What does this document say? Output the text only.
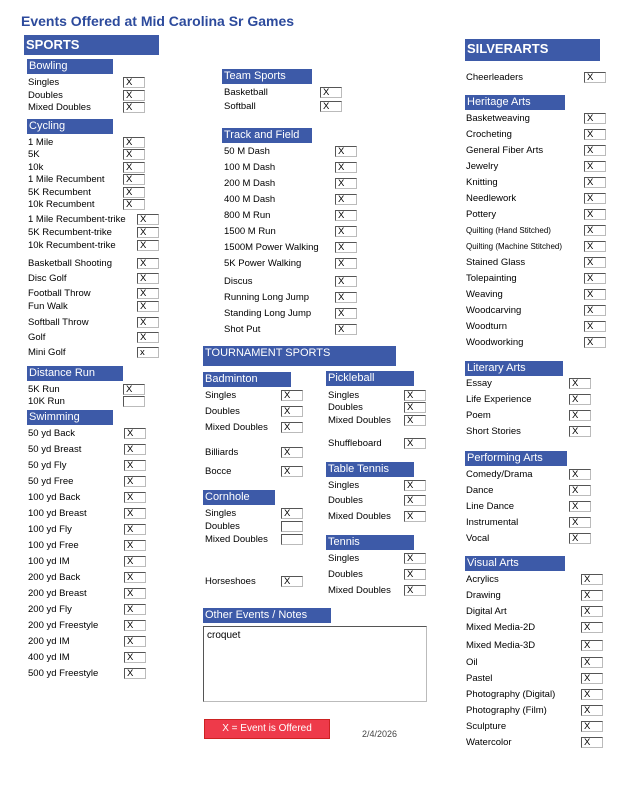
Events Offered at Mid Carolina Sr Games
SPORTS
Bowling
Singles	X
Doubles	X
Mixed Doubles	X
Cycling
1 Mile	X
5K	X
10k	X
1 Mile Recumbent	X
5K Recumbent	X
10k Recumbent	X
1 Mile Recumbent-trike	X
5K Recumbent-trike	X
10k Recumbent-trike	X
Basketball Shooting	X
Disc Golf	X
Football Throw	X
Fun Walk	X
Softball Throw	X
Golf	X
Mini Golf	x
Distance Run
5K Run	X
10K Run
Swimming
50 yd Back	X
50 yd Breast	X
50 yd Fly	X
50 yd Free	X
100 yd Back	X
100 yd Breast	X
100 yd Fly	X
100 yd Free	X
100 yd IM	X
200 yd Back	X
200 yd Breast	X
200 yd Fly	X
200 yd Freestyle	X
200 yd IM	X
400 yd IM	X
500 yd Freestyle	X
Team Sports
Basketball	X
Softball	X
Track and Field
50 M Dash	X
100 M Dash	X
200 M Dash	X
400 M Dash	X
800 M Run	X
1500 M Run	X
1500M Power Walking	X
5K Power Walking	X
Discus	X
Running Long Jump	X
Standing Long Jump	X
Shot Put	X
TOURNAMENT SPORTS
Badminton
Singles	X
Doubles	X
Mixed Doubles	X
Billiards	X
Bocce	X
Cornhole
Singles	X
Doubles
Mixed Doubles
Horseshoes	X
Pickleball
Singles	X
Doubles	X
Mixed Doubles	X
Shuffleboard	X
Table Tennis
Singles	X
Doubles	X
Mixed Doubles	X
Tennis
Singles	X
Doubles	X
Mixed Doubles	X
Other Events / Notes
SILVERARTS
Cheerleaders	X
Heritage Arts
Basketweaving	X
Crocheting	X
General Fiber Arts	X
Jewelry	X
Knitting	X
Needlework	X
Pottery	X
Quilting (Hand Stitched)	X
Quilting (Machine Stitched)	X
Stained Glass	X
Tolepainting	X
Weaving	X
Woodcarving	X
Woodturn	X
Woodworking	X
Literary Arts
Essay	X
Life Experience	X
Poem	X
Short Stories	X
Performing Arts
Comedy/Drama	X
Dance	X
Line Dance	X
Instrumental	X
Vocal	X
Visual Arts
Acrylics	X
Drawing	X
Digital Art	X
Mixed Media-2D	X
Mixed Media-3D	X
Oil	X
Pastel	X
Photography (Digital)	X
Photography (Film)	X
Sculpture	X
Watercolor	X
croquet
X = Event is Offered	2/4/2026
